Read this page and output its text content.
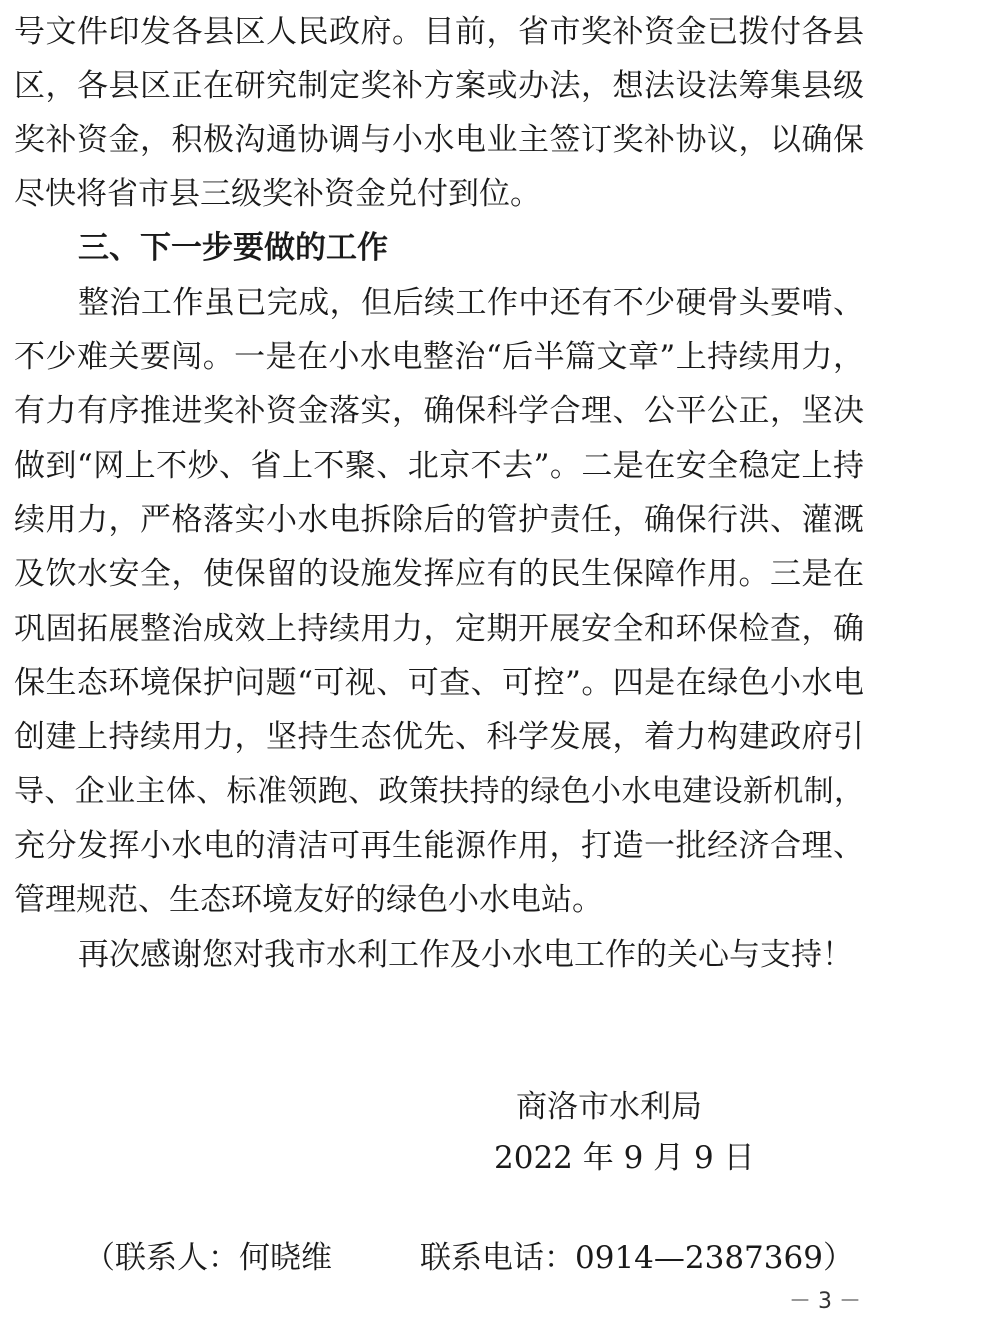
号文件印发各县区人民政府。目前，省市奖补资金已拨付各县
区，各县区正在研究制定奖补方案或办法，想法设法筹集县级
奖补资金，积极沟通协调与小水电业主签订奖补协议，以确保
尽快将省市县三级奖补资金兑付到位。
三、下一步要做的工作
整治工作虽已完成，但后续工作中还有不少硬骨头要啃、
不少难关要闯。一是在小水电整治“后半篇文章”上持续用力，
有力有序推进奖补资金落实，确保科学合理、公平公正，坚决
做到“网上不炒、省上不聚、北京不去”。二是在安全稳定上持
续用力，严格落实小水电拆除后的管护责任，确保行洪、灌溉
及饮水安全，使保留的设施发挥应有的民生保障作用。三是在
巩固拓展整治成效上持续用力，定期开展安全和环保检查，确
保生态环境保护问题“可视、可查、可控”。四是在绿色小水电
创建上持续用力，坚持生态优先、科学发展，着力构建政府引
导、企业主体、标准领跑、政策扶持的绿色小水电建设新机制，
充分发挥小水电的清洁可再生能源作用，打造一批经济合理、
管理规范、生态环境友好的绿色小水电站。
再次感谢您对我市水利工作及小水电工作的关心与支持！
商洛市水利局
2022 年 9 月 9 日
（联系人：何晓维	联系电话：0914—2387369）
－ 3 －
